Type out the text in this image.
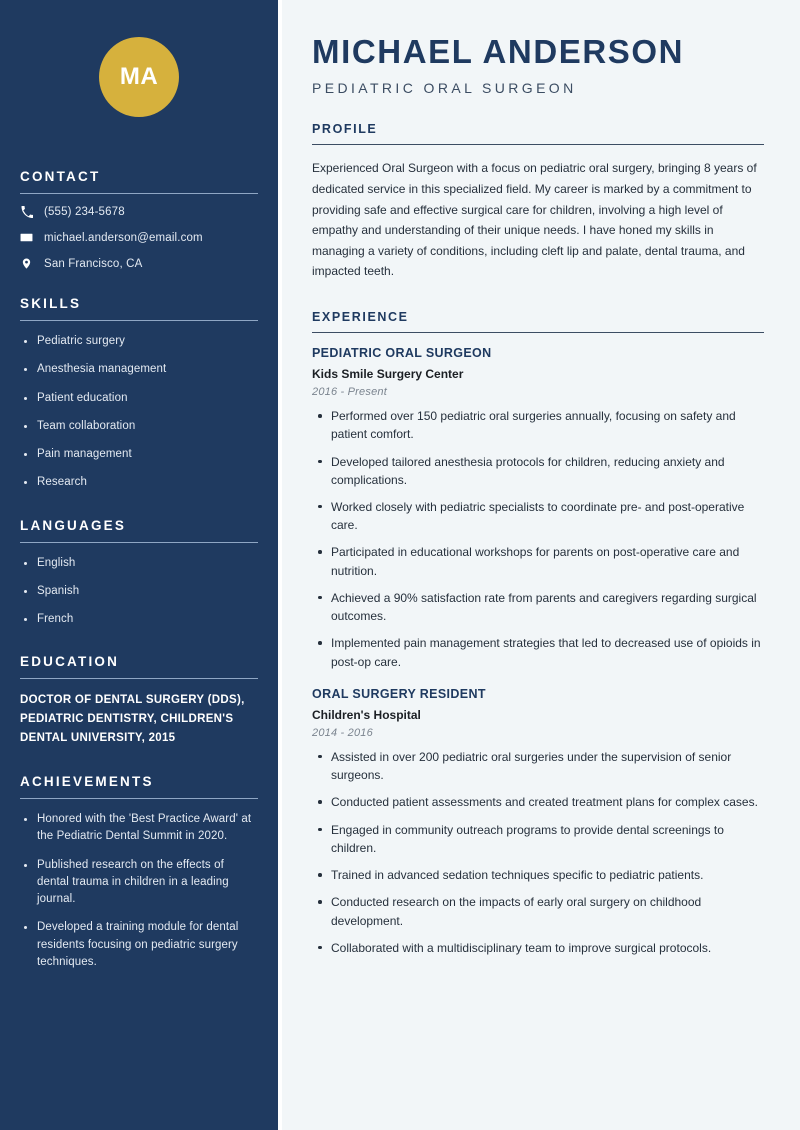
MA
CONTACT
(555) 234-5678
michael.anderson@email.com
San Francisco, CA
SKILLS
Pediatric surgery
Anesthesia management
Patient education
Team collaboration
Pain management
Research
LANGUAGES
English
Spanish
French
EDUCATION
DOCTOR OF DENTAL SURGERY (DDS), PEDIATRIC DENTISTRY, CHILDREN'S DENTAL UNIVERSITY, 2015
ACHIEVEMENTS
Honored with the 'Best Practice Award' at the Pediatric Dental Summit in 2020.
Published research on the effects of dental trauma in children in a leading journal.
Developed a training module for dental residents focusing on pediatric surgery techniques.
MICHAEL ANDERSON
PEDIATRIC ORAL SURGEON
PROFILE

Experienced Oral Surgeon with a focus on pediatric oral surgery, bringing 8 years of dedicated service in this specialized field. My career is marked by a commitment to providing safe and effective surgical care for children, involving a high level of empathy and understanding of their unique needs. I have honed my skills in managing a variety of conditions, including cleft lip and palate, dental trauma, and impacted teeth.

EXPERIENCE
PEDIATRIC ORAL SURGEON
Kids Smile Surgery Center
2016 - Present
Performed over 150 pediatric oral surgeries annually, focusing on safety and patient comfort.
Developed tailored anesthesia protocols for children, reducing anxiety and complications.
Worked closely with pediatric specialists to coordinate pre- and post-operative care.
Participated in educational workshops for parents on post-operative care and nutrition.
Achieved a 90% satisfaction rate from parents and caregivers regarding surgical outcomes.
Implemented pain management strategies that led to decreased use of opioids in post-op care.
ORAL SURGERY RESIDENT
Children's Hospital
2014 - 2016
Assisted in over 200 pediatric oral surgeries under the supervision of senior surgeons.
Conducted patient assessments and created treatment plans for complex cases.
Engaged in community outreach programs to provide dental screenings to children.
Trained in advanced sedation techniques specific to pediatric patients.
Conducted research on the impacts of early oral surgery on childhood development.
Collaborated with a multidisciplinary team to improve surgical protocols.
